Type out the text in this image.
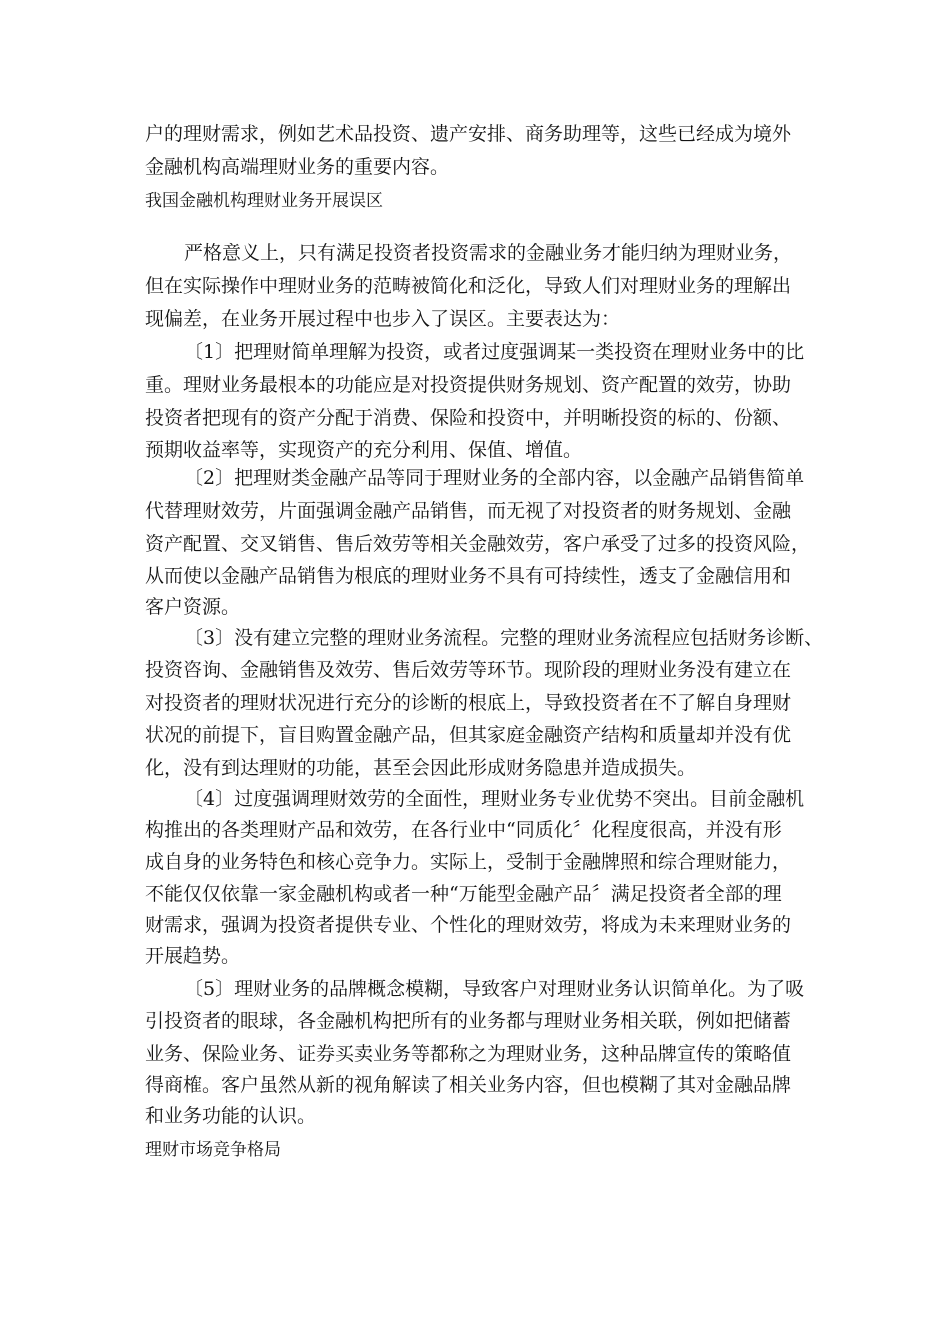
户的理财需求，例如艺术品投资、遗产安排、商务助理等，这些已经成为境外

金融机构高端理财业务的重要内容。

我国金融机构理财业务开展误区

严格意义上，只有满足投资者投资需求的金融业务才能归纳为理财业务，

但在实际操作中理财业务的范畴被简化和泛化，导致人们对理财业务的理解出

现偏差，在业务开展过程中也步入了误区。主要表达为：

〔1〕把理财简单理解为投资，或者过度强调某一类投资在理财业务中的比

重。理财业务最根本的功能应是对投资提供财务规划、资产配置的效劳，协助

投资者把现有的资产分配于消费、保险和投资中，并明晰投资的标的、份额、

预期收益率等，实现资产的充分利用、保值、增值。

〔2〕把理财类金融产品等同于理财业务的全部内容，以金融产品销售简单

代替理财效劳，片面强调金融产品销售，而无视了对投资者的财务规划、金融

资产配置、交叉销售、售后效劳等相关金融效劳，客户承受了过多的投资风险，

从而使以金融产品销售为根底的理财业务不具有可持续性，透支了金融信用和

客户资源。

〔3〕没有建立完整的理财业务流程。完整的理财业务流程应包括财务诊断、

投资咨询、金融销售及效劳、售后效劳等环节。现阶段的理财业务没有建立在

对投资者的理财状况进行充分的诊断的根底上，导致投资者在不了解自身理财

状况的前提下，盲目购置金融产品，但其家庭金融资产结构和质量却并没有优

化，没有到达理财的功能，甚至会因此形成财务隐患并造成损失。

〔4〕过度强调理财效劳的全面性，理财业务专业优势不突出。目前金融机

构推出的各类理财产品和效劳，在各行业中“同质化〞化程度很高，并没有形

成自身的业务特色和核心竞争力。实际上，受制于金融牌照和综合理财能力，

不能仅仅依靠一家金融机构或者一种“万能型金融产品〞满足投资者全部的理

财需求，强调为投资者提供专业、个性化的理财效劳，将成为未来理财业务的

开展趋势。

〔5〕理财业务的品牌概念模糊，导致客户对理财业务认识简单化。为了吸

引投资者的眼球，各金融机构把所有的业务都与理财业务相关联，例如把储蓄

业务、保险业务、证券买卖业务等都称之为理财业务，这种品牌宣传的策略值

得商榷。客户虽然从新的视角解读了相关业务内容，但也模糊了其对金融品牌

和业务功能的认识。

理财市场竞争格局
